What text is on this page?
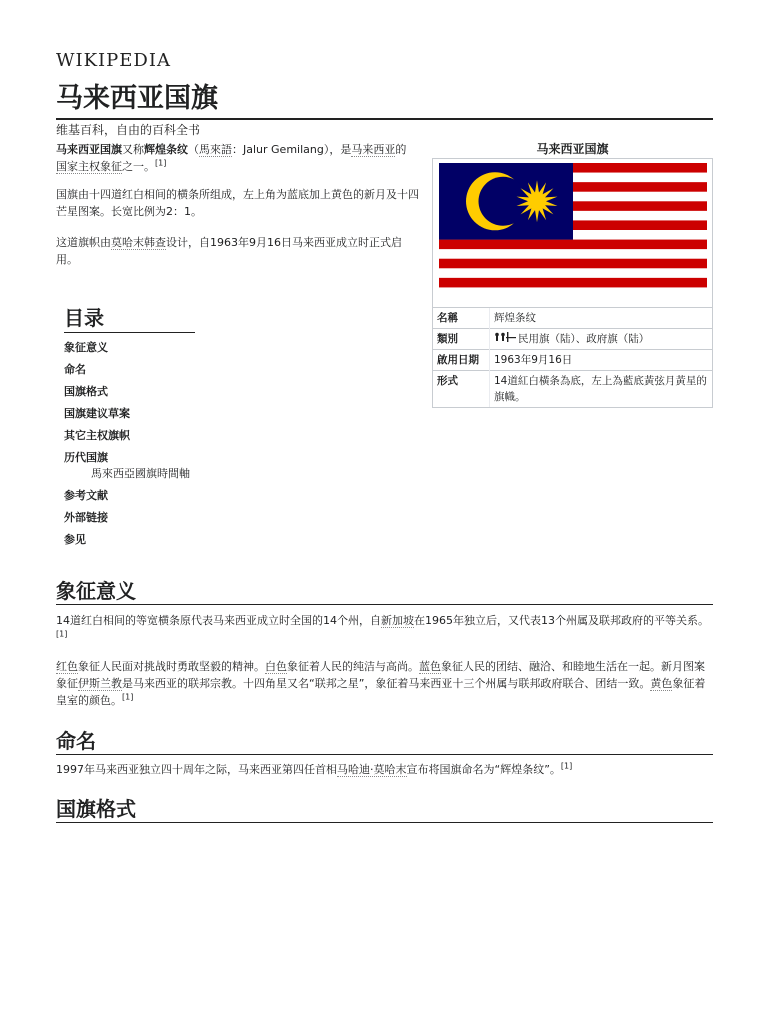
WIKIPEDIA
马来西亚国旗
维基百科，自由的百科全书

马来西亚国旗又称辉煌条纹（馬來語：Jalur Gemilang），是马来西亚的
国家主权象征之一。[1]

国旗由十四道红白相间的横条所组成，左上角为蓝底加上黄色的新月及十四芒星图案。长宽比例为2：1。

这道旗帜由莫哈末韩查设计，自1963年9月16日马来西亚成立时正式启用。

目录
象征意义
命名
国旗格式
国旗建议草案
其它主权旗帜
历代国旗
馬來西亞國旗時間軸
参考文献
外部链接
参见
象征意义

14道红白相间的等宽横条原代表马来西亚成立时全国的14个州，自新加坡在1965年独立后，又代表13个州属及联邦政府的平等关系。[1]

红色象征人民面对挑战时勇敢坚毅的精神。白色象征着人民的纯洁与高尚。蓝色象征人民的团结、融洽、和睦地生活在一起。新月图案象征伊斯兰教是马来西亚的联邦宗教。十四角星又名“联邦之星”，象征着马来西亚十三个州属与联邦政府联合、团结一致。黄色象征着皇室的颜色。[1]

命名

1997年马来西亚独立四十周年之际，马来西亚第四任首相马哈迪·莫哈末宣布将国旗命名为“辉煌条纹”。[1]

国旗格式
马来西亚国旗
名稱	辉煌条纹
類別	民用旗（陆）、政府旗（陆）
啟用日期	1963年9月16日
形式	14道紅白橫条為底，左上為藍底黃弦月黃星的旗幟。
